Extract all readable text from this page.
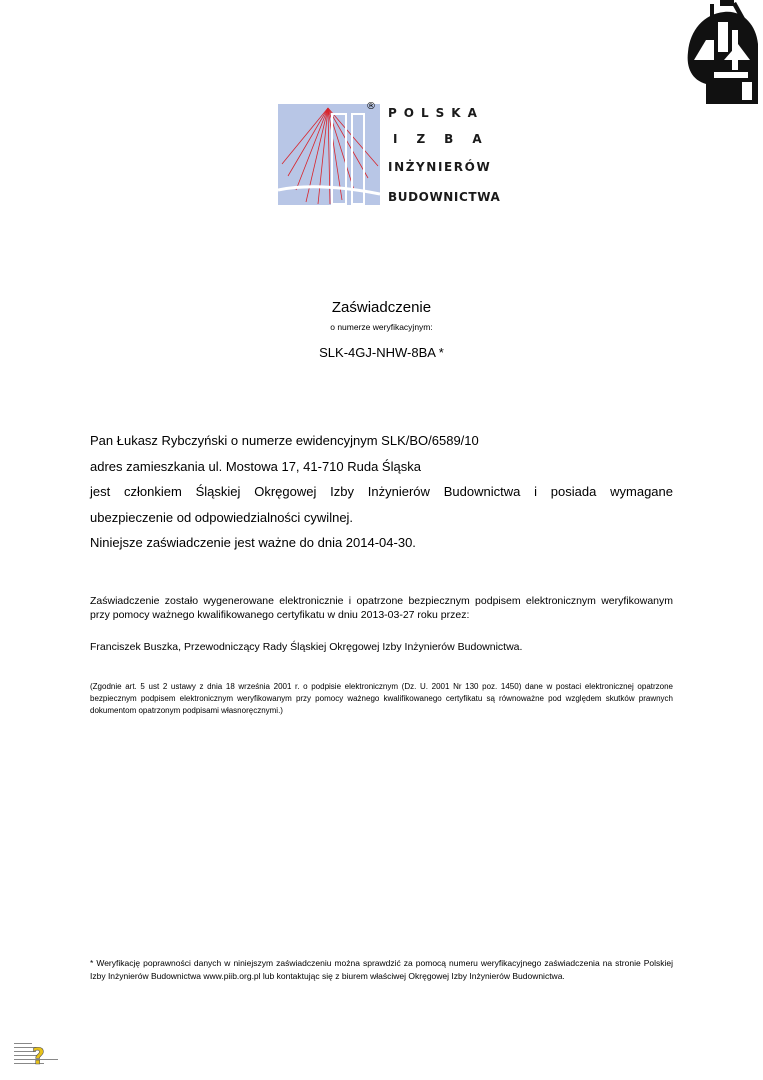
® POLSKA
IZBA
INŻYNIERÓW
BUDOWNICTWA
Zaświadczenie
o numerze weryfikacyjnym:
SLK-4GJ-NHW-8BA *
Pan Łukasz Rybczyński o numerze ewidencyjnym SLK/BO/6589/10
adres zamieszkania ul. Mostowa 17, 41-710 Ruda Śląska
jest członkiem Śląskiej Okręgowej Izby Inżynierów Budownictwa i posiada wymagane
ubezpieczenie od odpowiedzialności cywilnej.
Niniejsze zaświadczenie jest ważne do dnia 2014-04-30.
Zaświadczenie zostało wygenerowane elektronicznie i opatrzone bezpiecznym podpisem elektronicznym weryfikowanym przy pomocy ważnego kwalifikowanego certyfikatu w dniu 2013-03-27 roku przez:
Franciszek Buszka, Przewodniczący Rady Śląskiej Okręgowej Izby Inżynierów Budownictwa.
(Zgodnie art. 5 ust 2 ustawy z dnia 18 września 2001 r. o podpisie elektronicznym (Dz. U. 2001 Nr 130 poz. 1450) dane w postaci elektronicznej opatrzone bezpiecznym podpisem elektronicznym weryfikowanym przy pomocy ważnego kwalifikowanego certyfikatu są równoważne pod względem skutków prawnych dokumentom opatrzonym podpisami własnoręcznymi.)
* Weryfikację poprawności danych w niniejszym zaświadczeniu można sprawdzić za pomocą numeru weryfikacyjnego zaświadczenia na stronie Polskiej Izby Inżynierów Budownictwa www.piib.org.pl lub kontaktując się z biurem właściwej Okręgowej Izby Inżynierów Budownictwa.
?
